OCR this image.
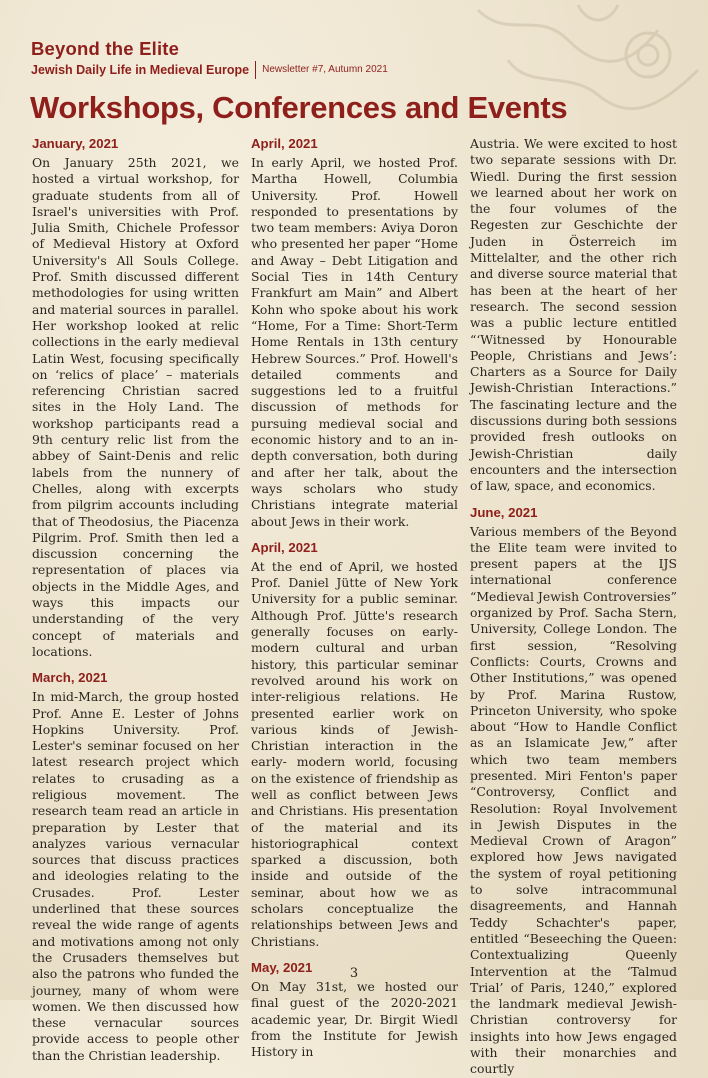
Beyond the Elite
Jewish Daily Life in Medieval Europe Newsletter #7, Autumn 2021
Workshops, Conferences and Events
January, 2021

On January 25th 2021, we hosted a virtual workshop, for graduate students from all of Israel's universities with Prof. Julia Smith, Chichele Professor of Medieval History at Oxford University's All Souls College. Prof. Smith discussed different methodologies for using written and material sources in parallel. Her workshop looked at relic collections in the early medieval Latin West, focusing specifically on ‘relics of place’ – materials referencing Christian sacred sites in the Holy Land. The workshop participants read a 9th century relic list from the abbey of Saint-Denis and relic labels from the nunnery of Chelles, along with excerpts from pilgrim accounts including that of Theodosius, the Piacenza Pilgrim. Prof. Smith then led a discussion concerning the representation of places via objects in the Middle Ages, and ways this impacts our understanding of the very concept of materials and locations.

March, 2021

In mid-March, the group hosted Prof. Anne E. Lester of Johns Hopkins University. Prof. Lester's seminar focused on her latest research project which relates to crusading as a religious movement. The research team read an article in preparation by Lester that analyzes various vernacular sources that discuss practices and ideologies relating to the Crusades. Prof. Lester underlined that these sources reveal the wide range of agents and motivations among not only the Crusaders themselves but also the patrons who funded the journey, many of whom were women. We then discussed how these vernacular sources provide access to people other than the Christian leadership.

April, 2021

In early April, we hosted Prof. Martha Howell, Columbia University. Prof. Howell responded to presentations by two team members: Aviya Doron who presented her paper “Home and Away – Debt Litigation and Social Ties in 14th Century Frankfurt am Main” and Albert Kohn who spoke about his work “Home, For a Time: Short-Term Home Rentals in 13th century Hebrew Sources.” Prof. Howell's detailed comments and suggestions led to a fruitful discussion of methods for pursuing medieval social and economic history and to an in-depth conversation, both during and after her talk, about the ways scholars who study Christians integrate material about Jews in their work.

April, 2021

At the end of April, we hosted Prof. Daniel Jütte of New York University for a public seminar. Although Prof. Jütte's research generally focuses on early-modern cultural and urban history, this particular seminar revolved around his work on inter-religious relations. He presented earlier work on various kinds of Jewish-Christian interaction in the early- modern world, focusing on the existence of friendship as well as conflict between Jews and Christians. His presentation of the material and its historiographical context sparked a discussion, both inside and outside of the seminar, about how we as scholars conceptualize the relationships between Jews and Christians.

May, 2021

On May 31st, we hosted our final guest of the 2020-2021 academic year, Dr. Birgit Wiedl from the Institute for Jewish History in

Austria. We were excited to host two separate sessions with Dr. Wiedl. During the first session we learned about her work on the four volumes of the Regesten zur Geschichte der Juden in Österreich im Mittelalter, and the other rich and diverse source material that has been at the heart of her research. The second session was a public lecture entitled “‘Witnessed by Honourable People, Christians and Jews’: Charters as a Source for Daily Jewish-Christian Interactions.” The fascinating lecture and the discussions during both sessions provided fresh outlooks on Jewish-Christian daily encounters and the intersection of law, space, and economics.

June, 2021

Various members of the Beyond the Elite team were invited to present papers at the IJS international conference “Medieval Jewish Controversies” organized by Prof. Sacha Stern, University, College London. The first session, “Resolving Conflicts: Courts, Crowns and Other Institutions,” was opened by Prof. Marina Rustow, Princeton University, who spoke about “How to Handle Conflict as an Islamicate Jew,” after which two team members presented. Miri Fenton's paper “Controversy, Conflict and Resolution: Royal Involvement in Jewish Disputes in the Medieval Crown of Aragon” explored how Jews navigated the system of royal petitioning to solve intracommunal disagreements, and Hannah Teddy Schachter's paper, entitled “Beseeching the Queen: Contextualizing Queenly Intervention at the ‘Talmud Trial’ of Paris, 1240,” explored the landmark medieval Jewish-Christian controversy for insights into how Jews engaged with their monarchies and courtly

3
